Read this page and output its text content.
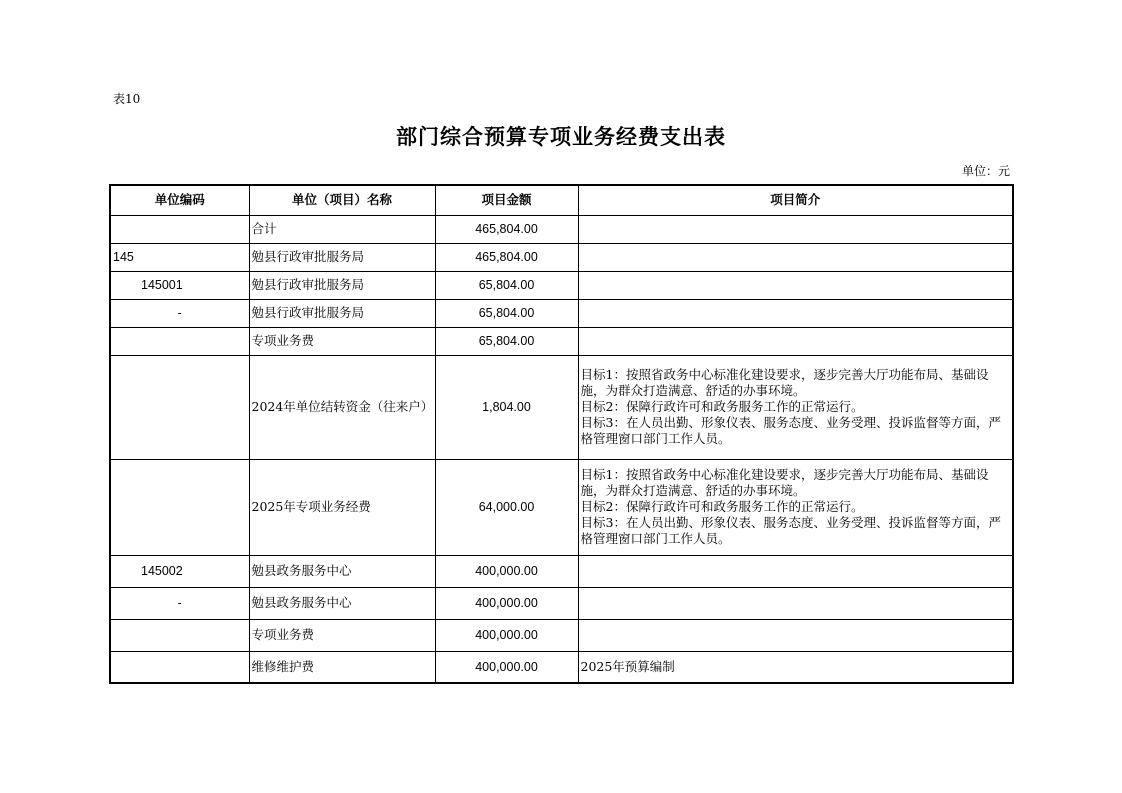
表10
部门综合预算专项业务经费支出表
单位：元
单位编码	单位（项目）名称	项目金额	项目简介
	合计	465,804.00	
145	勉县行政审批服务局	465,804.00	
145001	勉县行政审批服务局	65,804.00	
-	勉县行政审批服务局	65,804.00	
	专项业务费	65,804.00	
	2024年单位结转资金（往来户）	1,804.00	目标1：按照省政务中心标准化建设要求，逐步完善大厅功能布局、基础设施，为群众打造满意、舒适的办事环境。
目标2：保障行政许可和政务服务工作的正常运行。
目标3：在人员出勤、形象仪表、服务态度、业务受理、投诉监督等方面，严格管理窗口部门工作人员。

	2025年专项业务经费	64,000.00	目标1：按照省政务中心标准化建设要求，逐步完善大厅功能布局、基础设施，为群众打造满意、舒适的办事环境。
目标2：保障行政许可和政务服务工作的正常运行。
目标3：在人员出勤、形象仪表、服务态度、业务受理、投诉监督等方面，严格管理窗口部门工作人员。

145002	勉县政务服务中心	400,000.00	
-	勉县政务服务中心	400,000.00	
	专项业务费	400,000.00	
	维修维护费	400,000.00	2025年预算编制
